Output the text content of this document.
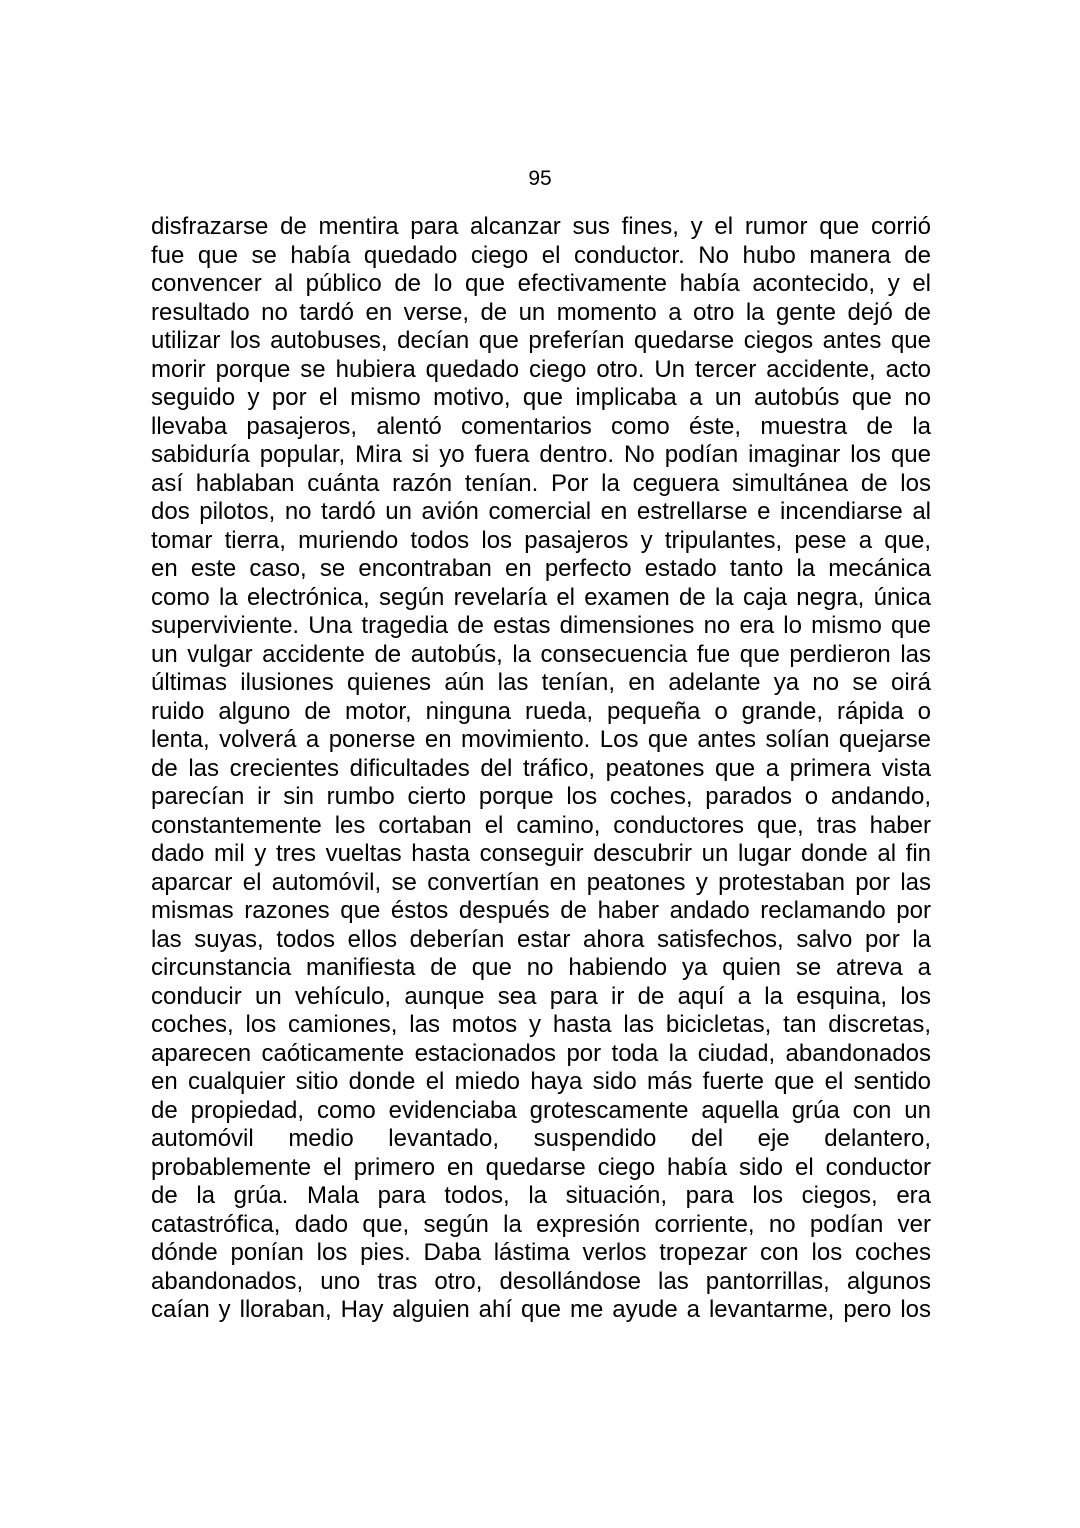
95
disfrazarse de mentira para alcanzar sus fines, y el rumor que corrió
fue que se había quedado ciego el conductor. No hubo manera de
convencer al público de lo que efectivamente había acontecido, y el
resultado no tardó en verse, de un momento a otro la gente dejó de
utilizar los autobuses, decían que preferían quedarse ciegos antes que
morir porque se hubiera quedado ciego otro. Un tercer accidente, acto
seguido y por el mismo motivo, que implicaba a un autobús que no
llevaba pasajeros, alentó comentarios como éste, muestra de la
sabiduría popular, Mira si yo fuera dentro. No podían imaginar los que
así hablaban cuánta razón tenían. Por la ceguera simultánea de los
dos pilotos, no tardó un avión comercial en estrellarse e incendiarse al
tomar tierra, muriendo todos los pasajeros y tripulantes, pese a que,
en este caso, se encontraban en perfecto estado tanto la mecánica
como la electrónica, según revelaría el examen de la caja negra, única
superviviente. Una tragedia de estas dimensiones no era lo mismo que
un vulgar accidente de autobús, la consecuencia fue que perdieron las
últimas ilusiones quienes aún las tenían, en adelante ya no se oirá
ruido alguno de motor, ninguna rueda, pequeña o grande, rápida o
lenta, volverá a ponerse en movimiento. Los que antes solían quejarse
de las crecientes dificultades del tráfico, peatones que a primera vista
parecían ir sin rumbo cierto porque los coches, parados o andando,
constantemente les cortaban el camino, conductores que, tras haber
dado mil y tres vueltas hasta conseguir descubrir un lugar donde al fin
aparcar el automóvil, se convertían en peatones y protestaban por las
mismas razones que éstos después de haber andado reclamando por
las suyas, todos ellos deberían estar ahora satisfechos, salvo por la
circunstancia manifiesta de que no habiendo ya quien se atreva a
conducir un vehículo, aunque sea para ir de aquí a la esquina, los
coches, los camiones, las motos y hasta las bicicletas, tan discretas,
aparecen caóticamente estacionados por toda la ciudad, abandonados
en cualquier sitio donde el miedo haya sido más fuerte que el sentido
de propiedad, como evidenciaba grotescamente aquella grúa con un
automóvil medio levantado, suspendido del eje delantero,
probablemente el primero en quedarse ciego había sido el conductor
de la grúa. Mala para todos, la situación, para los ciegos, era
catastrófica, dado que, según la expresión corriente, no podían ver
dónde ponían los pies. Daba lástima verlos tropezar con los coches
abandonados, uno tras otro, desollándose las pantorrillas, algunos
caían y lloraban, Hay alguien ahí que me ayude a levantarme, pero los
